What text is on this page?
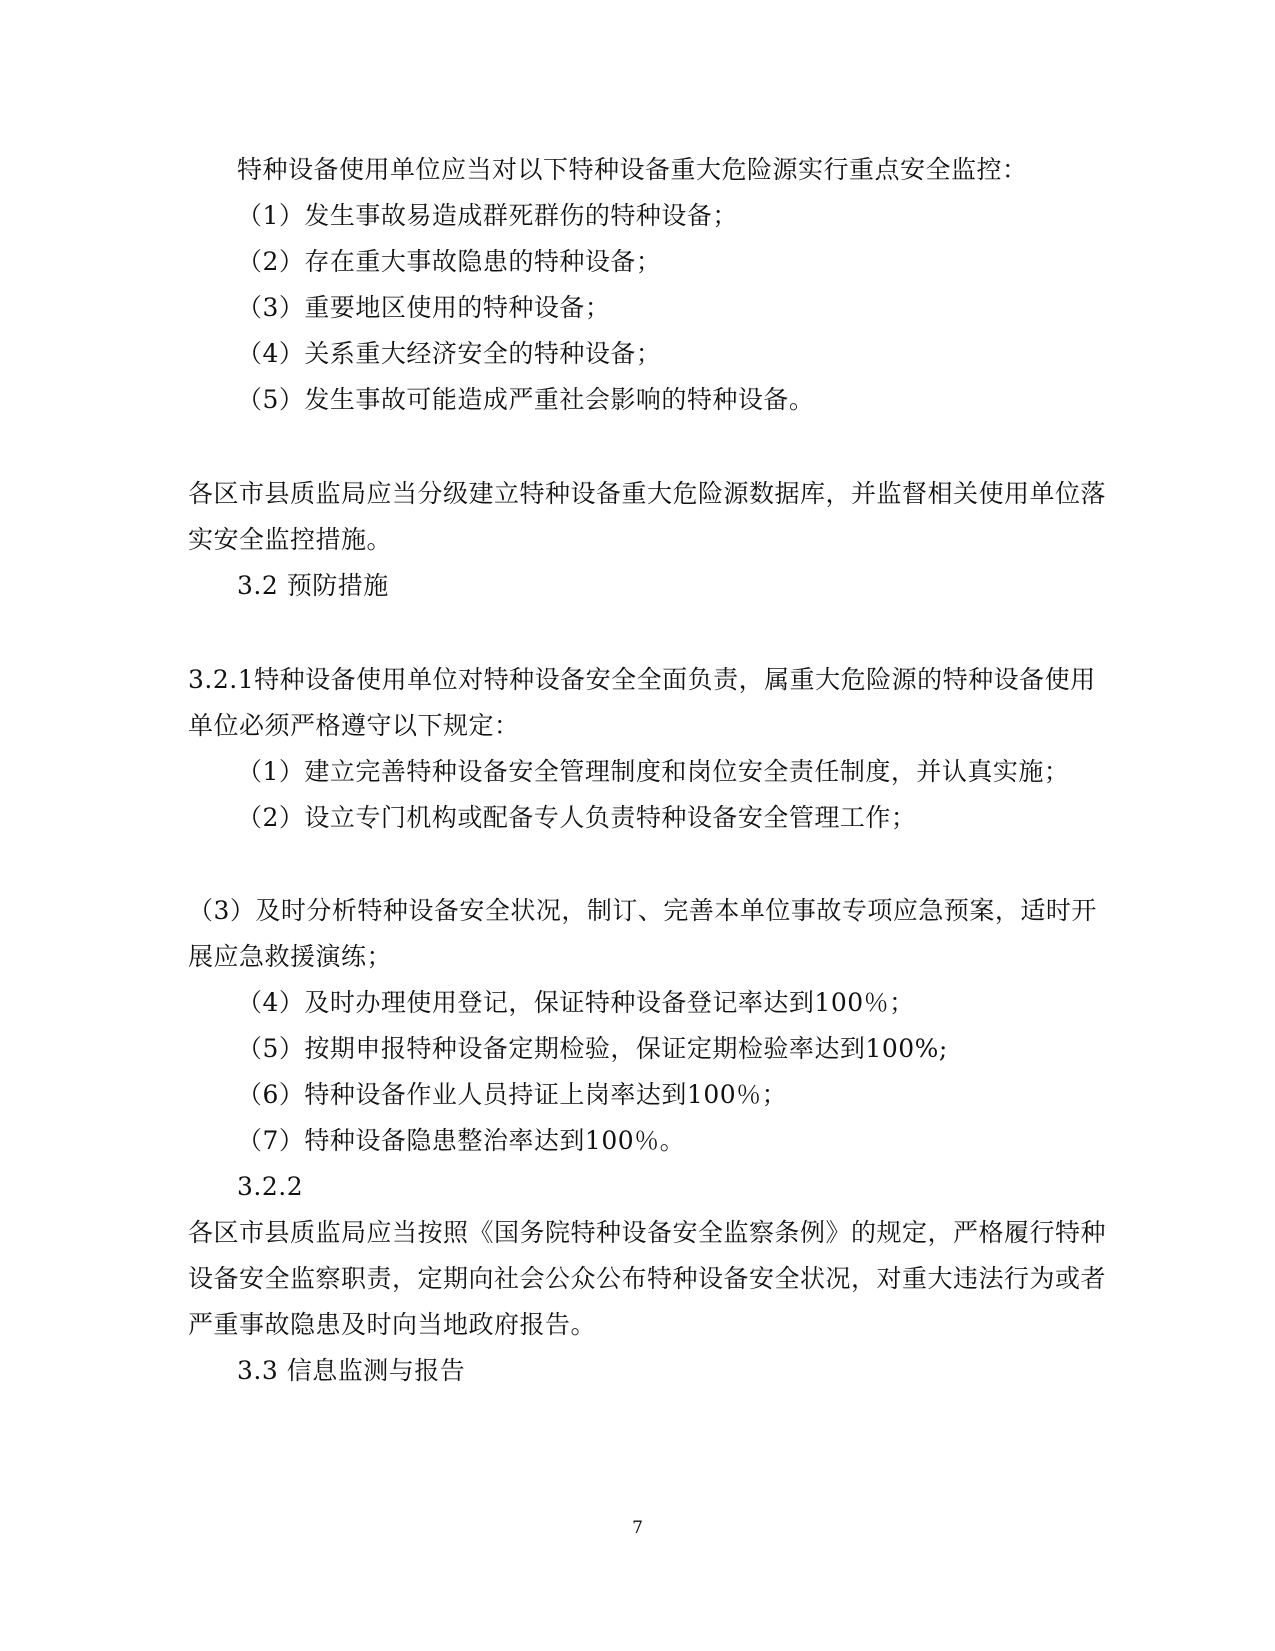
特种设备使用单位应当对以下特种设备重大危险源实行重点安全监控：
（1）发生事故易造成群死群伤的特种设备；
（2）存在重大事故隐患的特种设备；
（3）重要地区使用的特种设备；
（4）关系重大经济安全的特种设备；
（5）发生事故可能造成严重社会影响的特种设备。
各区市县质监局应当分级建立特种设备重大危险源数据库，并监督相关使用单位落
实安全监控措施。
3.2 预防措施
3.2.1特种设备使用单位对特种设备安全全面负责，属重大危险源的特种设备使用
单位必须严格遵守以下规定：
（1）建立完善特种设备安全管理制度和岗位安全责任制度，并认真实施；
（2）设立专门机构或配备专人负责特种设备安全管理工作；
（3）及时分析特种设备安全状况，制订、完善本单位事故专项应急预案，适时开
展应急救援演练；
（4）及时办理使用登记，保证特种设备登记率达到100％；
（5）按期申报特种设备定期检验，保证定期检验率达到100%;
（6）特种设备作业人员持证上岗率达到100％；
（7）特种设备隐患整治率达到100％。
3.2.2
各区市县质监局应当按照《国务院特种设备安全监察条例》的规定，严格履行特种
设备安全监察职责，定期向社会公众公布特种设备安全状况，对重大违法行为或者
严重事故隐患及时向当地政府报告。
3.3 信息监测与报告
7
